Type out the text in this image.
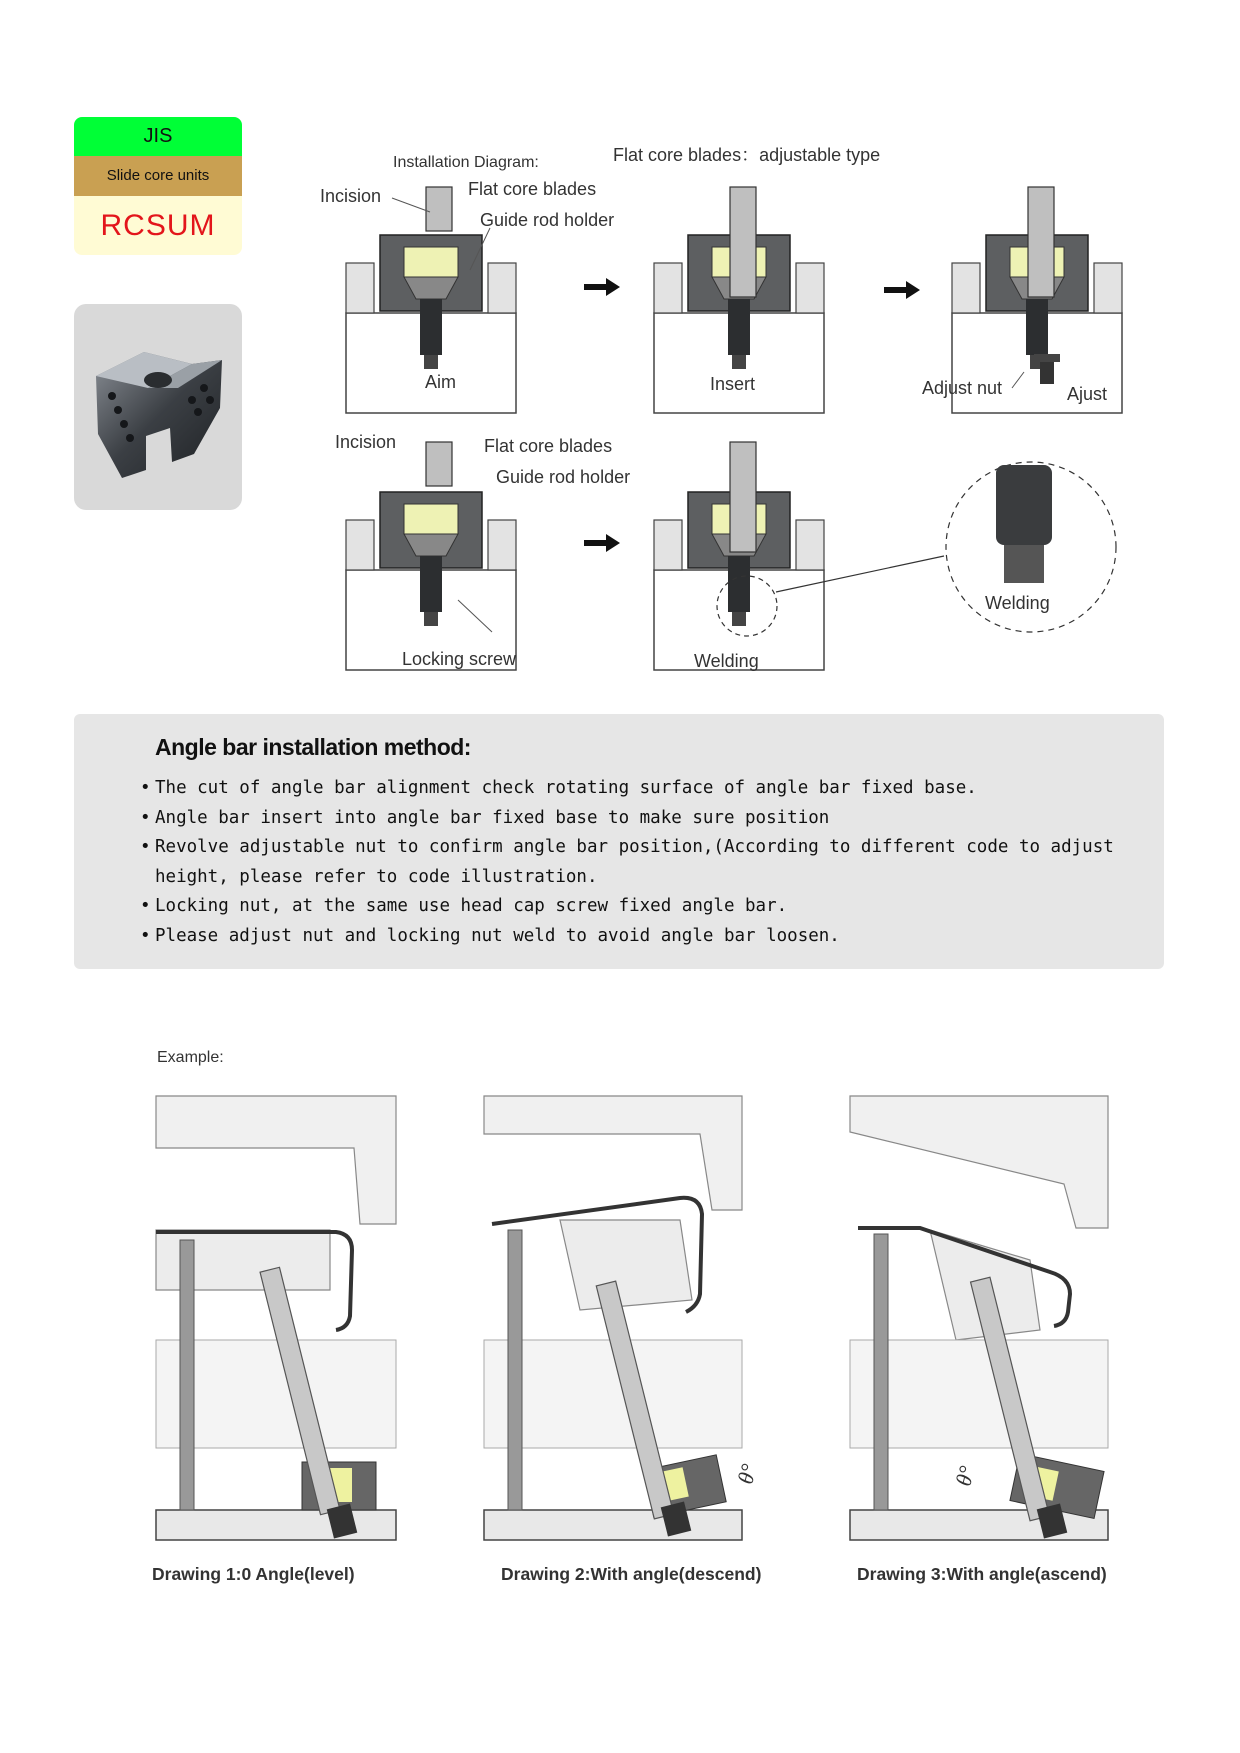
JIS
Slide core units
RCSUM
Installation Diagram:	Flat core blades：adjustable type
Incision	Flat core blades
Guide rod holder
Aim	Insert	Adjust nut	Ajust
Incision	Flat core blades
Guide rod holder
Welding
Locking screw	Welding
Angle bar installation method:
• The cut of angle bar alignment check rotating surface of angle bar fixed base.
• Angle bar insert into angle bar fixed base to make sure position
• Revolve adjustable nut to confirm angle bar position,(According to different code to adjust height, please refer to code illustration.
• Locking nut, at the same use head cap screw fixed angle bar.
• Please adjust nut and locking nut weld to avoid angle bar loosen.
Example:
θ°	θ°
Drawing 1:0 Angle(level)	Drawing 2:With angle(descend)	Drawing 3:With angle(ascend)
